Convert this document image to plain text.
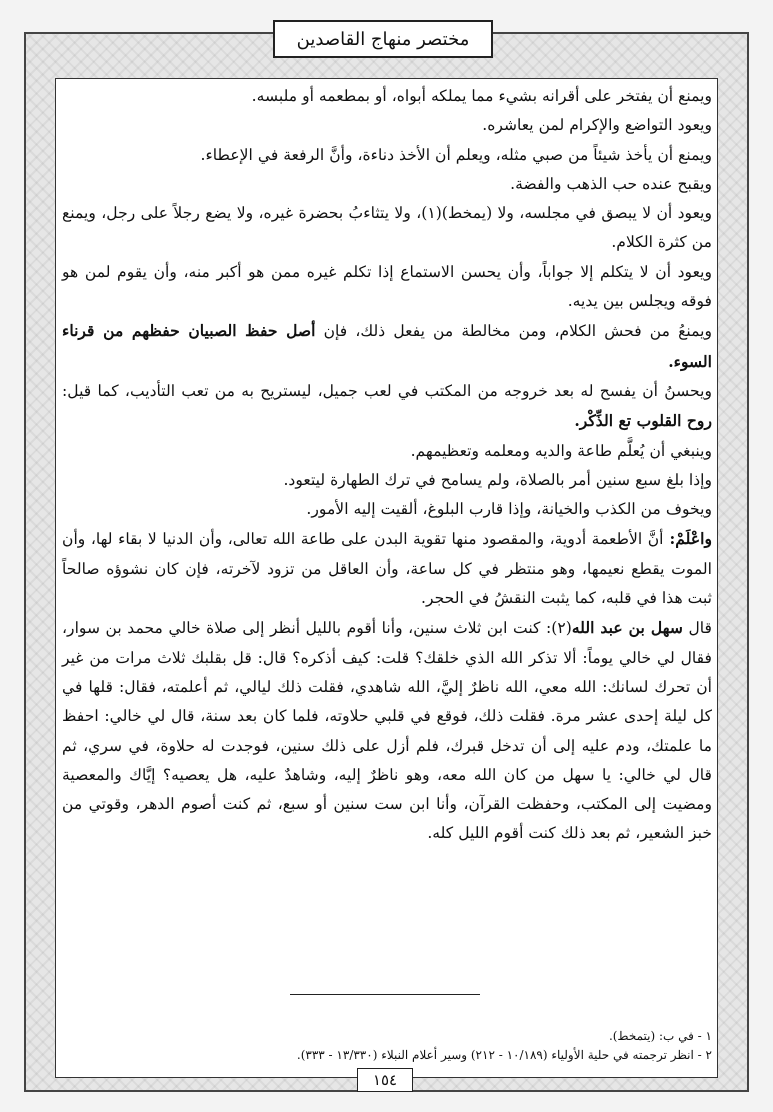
مختصر منهاج القاصدين

ويمنع أن يفتخر على أقرانه بشيء مما يملكه أبواه، أو بمطعمه أو ملبسه.

ويعود التواضع والإكرام لمن يعاشره.

ويمنع أن يأخذ شيئاً من صبي مثله، ويعلم أن الأخذ دناءة، وأنَّ الرفعة في الإعطاء.

ويقبح عنده حب الذهب والفضة.

ويعود أن لا يبصق في مجلسه، ولا (يمخط)(١)، ولا يتثاءبُ بحضرة غيره، ولا يضع رجلاً على رجل، ويمنع من كثرة الكلام.

ويعود أن لا يتكلم إلا جواباً، وأن يحسن الاستماع إذا تكلم غيره ممن هو أكبر منه، وأن يقوم لمن هو فوقه ويجلس بين يديه.

ويمنعُ من فحش الكلام، ومن مخالطة من يفعل ذلك، فإن أصل حفظ الصبيان حفظهم من قرناء السوء.

ويحسنُ أن يفسح له بعد خروجه من المكتب في لعب جميل، ليستريح به من تعب التأديب، كما قيل: روح القلوب تع الذِّكْر.

وينبغي أن يُعلَّم طاعة والديه ومعلمه وتعظيمهم.

وإذا بلغ سبع سنين أمر بالصلاة، ولم يسامح في ترك الطهارة ليتعود.

ويخوف من الكذب والخيانة، وإذا قارب البلوغ، ألقيت إليه الأمور.

واعْلَمْ: أنَّ الأطعمة أدوية، والمقصود منها تقوية البدن على طاعة الله تعالى، وأن الدنيا لا بقاء لها، وأن الموت يقطع نعيمها، وهو منتظر في كل ساعة، وأن العاقل من تزود لآخرته، فإن كان نشوؤه صالحاً ثبت هذا في قلبه، كما يثبت النقشُ في الحجر.

قال سهل بن عبد الله(٢): كنت ابن ثلاث سنين، وأنا أقوم بالليل أنظر إلى صلاة خالي محمد بن سوار، فقال لي خالي يوماً: ألا تذكر الله الذي خلقك؟ قلت: كيف أذكره؟ قال: قل بقلبك ثلاث مرات من غير أن تحرك لسانك: الله معي، الله ناظرٌ إليَّ، الله شاهدي، فقلت ذلك ليالي، ثم أعلمته، فقال: قلها في كل ليلة إحدى عشر مرة. فقلت ذلك، فوقع في قلبي حلاوته، فلما كان بعد سنة، قال لي خالي: احفظ ما علمتك، ودم عليه إلى أن تدخل قبرك، فلم أزل على ذلك سنين، فوجدت له حلاوة، في سري، ثم قال لي خالي: يا سهل من كان الله معه، وهو ناظرٌ إليه، وشاهدٌ عليه، هل يعصيه؟ إيَّاك والمعصية ومضيت إلى المكتب، وحفظت القرآن، وأنا ابن ست سنين أو سبع، ثم كنت أصوم الدهر، وقوتي من خبز الشعير، ثم بعد ذلك كنت أقوم الليل كله.

١ - في ب: (يتمخط).

٢ - انظر ترجمته في حلية الأولياء (١٠/١٨٩ - ٢١٢) وسير أعلام النبلاء (١٣/٣٣٠ - ٣٣٣).

١٥٤
